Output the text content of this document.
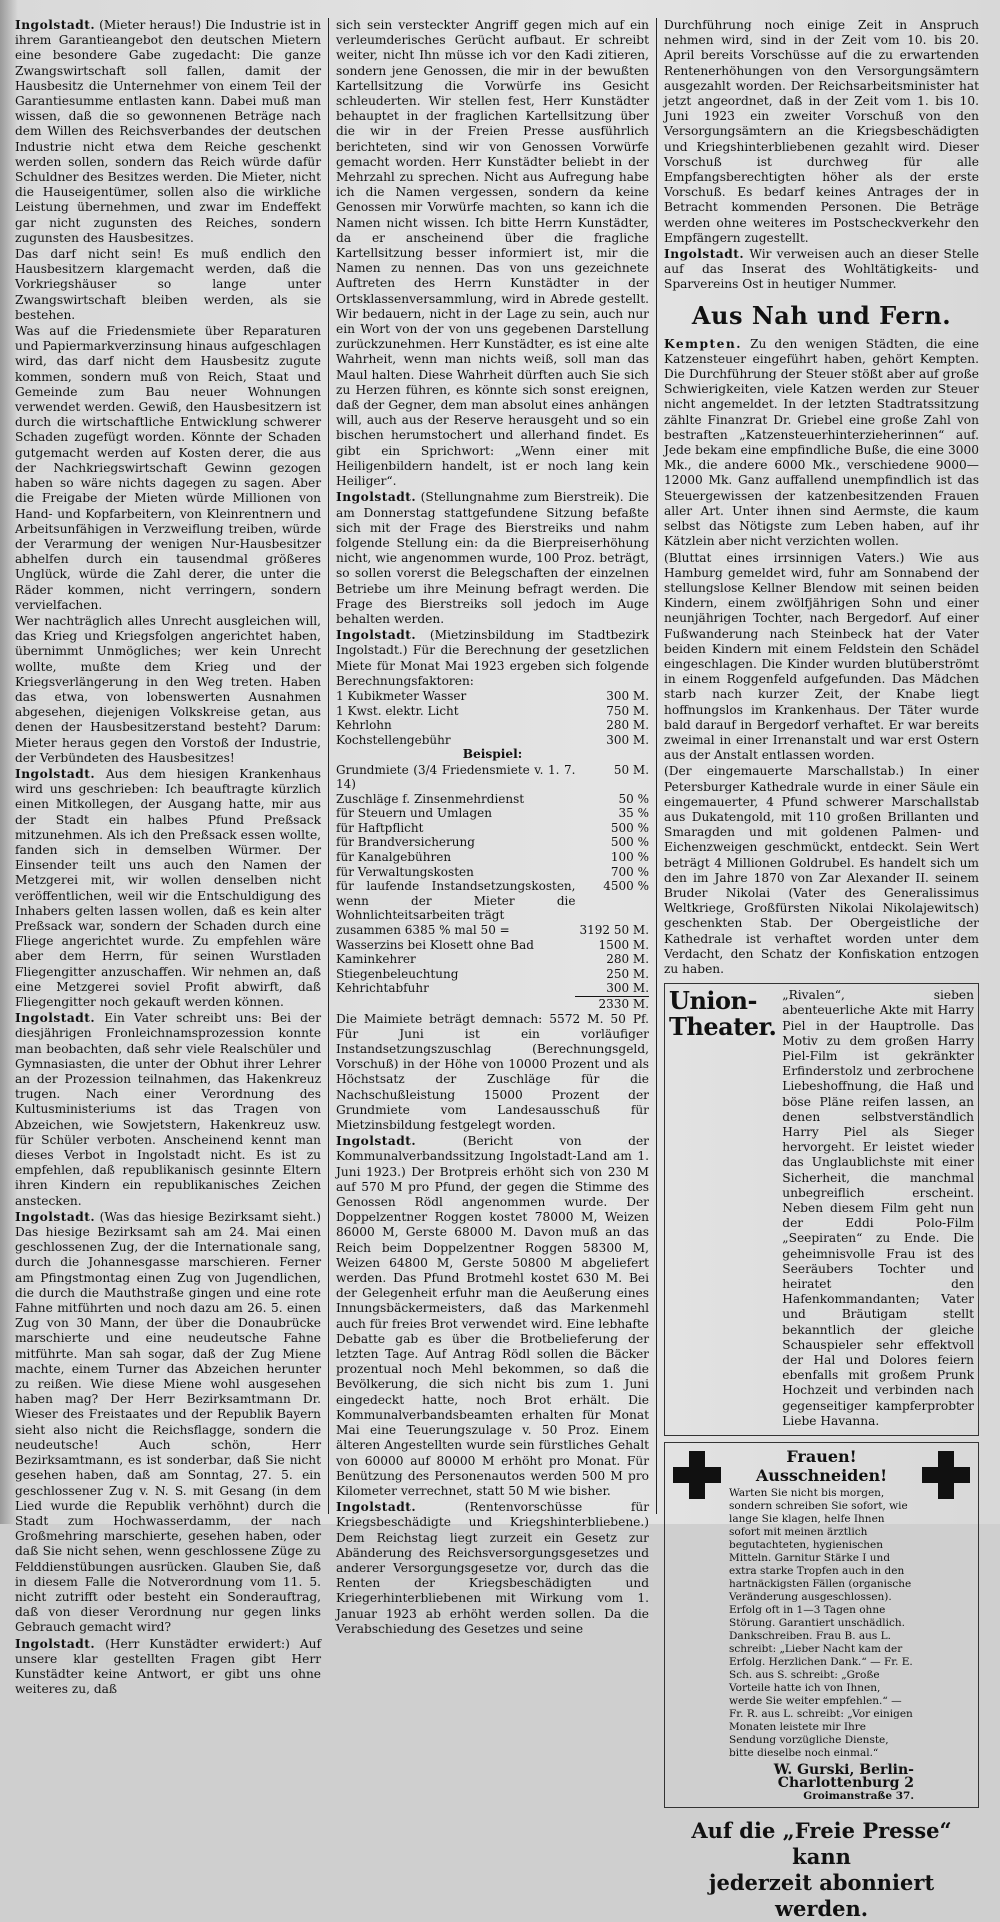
Ingolstadt. (Mieter heraus!) Die Industrie ist in ihrem Garantieangebot den deutschen Mietern eine besondere Gabe zugedacht: Die ganze Zwangswirtschaft soll fallen, damit der Hausbesitz die Unternehmer von einem Teil der Garantiesumme entlasten kann. Dabei muß man wissen, daß die so gewonnenen Beträge nach dem Willen des Reichsverbandes der deutschen Industrie nicht etwa dem Reiche geschenkt werden sollen, sondern das Reich würde dafür Schuldner des Besitzes werden. Die Mieter, nicht die Hauseigentümer, sollen also die wirkliche Leistung übernehmen, und zwar im Endeffekt gar nicht zugunsten des Reiches, sondern zugunsten des Hausbesitzes.

Das darf nicht sein! Es muß endlich den Hausbesitzern klargemacht werden, daß die Vorkriegshäuser so lange unter Zwangswirtschaft bleiben werden, als sie bestehen.

Was auf die Friedensmiete über Reparaturen und Papiermarkverzinsung hinaus aufgeschlagen wird, das darf nicht dem Hausbesitz zugute kommen, sondern muß von Reich, Staat und Gemeinde zum Bau neuer Wohnungen verwendet werden. Gewiß, den Hausbesitzern ist durch die wirtschaftliche Entwicklung schwerer Schaden zugefügt worden. Könnte der Schaden gutgemacht werden auf Kosten derer, die aus der Nachkriegswirtschaft Gewinn gezogen haben so wäre nichts dagegen zu sagen. Aber die Freigabe der Mieten würde Millionen von Hand- und Kopfarbeitern, von Kleinrentnern und Arbeitsunfähigen in Verzweiflung treiben, würde der Verarmung der wenigen Nur-Hausbesitzer abhelfen durch ein tausendmal größeres Unglück, würde die Zahl derer, die unter die Räder kommen, nicht verringern, sondern vervielfachen.

Wer nachträglich alles Unrecht ausgleichen will, das Krieg und Kriegsfolgen angerichtet haben, übernimmt Unmögliches; wer kein Unrecht wollte, mußte dem Krieg und der Kriegsverlängerung in den Weg treten. Haben das etwa, von lobenswerten Ausnahmen abgesehen, diejenigen Volkskreise getan, aus denen der Hausbesitzerstand besteht? Darum: Mieter heraus gegen den Vorstoß der Industrie, der Verbündeten des Hausbesitzes!

Ingolstadt. Aus dem hiesigen Krankenhaus wird uns geschrieben: Ich beauftragte kürzlich einen Mitkollegen, der Ausgang hatte, mir aus der Stadt ein halbes Pfund Preßsack mitzunehmen. Als ich den Preßsack essen wollte, fanden sich in demselben Würmer. Der Einsender teilt uns auch den Namen der Metzgerei mit, wir wollen denselben nicht veröffentlichen, weil wir die Entschuldigung des Inhabers gelten lassen wollen, daß es kein alter Preßsack war, sondern der Schaden durch eine Fliege angerichtet wurde. Zu empfehlen wäre aber dem Herrn, für seinen Wurstladen Fliegengitter anzuschaffen. Wir nehmen an, daß eine Metzgerei soviel Profit abwirft, daß Fliegengitter noch gekauft werden können.

Ingolstadt. Ein Vater schreibt uns: Bei der diesjährigen Fronleichnamsprozession konnte man beobachten, daß sehr viele Realschüler und Gymnasiasten, die unter der Obhut ihrer Lehrer an der Prozession teilnahmen, das Hakenkreuz trugen. Nach einer Verordnung des Kultusministeriums ist das Tragen von Abzeichen, wie Sowjetstern, Hakenkreuz usw. für Schüler verboten. Anscheinend kennt man dieses Verbot in Ingolstadt nicht. Es ist zu empfehlen, daß republikanisch gesinnte Eltern ihren Kindern ein republikanisches Zeichen anstecken.

Ingolstadt. (Was das hiesige Bezirksamt sieht.) Das hiesige Bezirksamt sah am 24. Mai einen geschlossenen Zug, der die Internationale sang, durch die Johannesgasse marschieren. Ferner am Pfingstmontag einen Zug von Jugendlichen, die durch die Mauthstraße gingen und eine rote Fahne mitführten und noch dazu am 26. 5. einen Zug von 30 Mann, der über die Donaubrücke marschierte und eine neudeutsche Fahne mitführte. Man sah sogar, daß der Zug Miene machte, einem Turner das Abzeichen herunter zu reißen. Wie diese Miene wohl ausgesehen haben mag? Der Herr Bezirksamtmann Dr. Wieser des Freistaates und der Republik Bayern sieht also nicht die Reichsflagge, sondern die neudeutsche! Auch schön, Herr Bezirksamtmann, es ist sonderbar, daß Sie nicht gesehen haben, daß am Sonntag, 27. 5. ein geschlossener Zug v. N. S. mit Gesang (in dem Lied wurde die Republik verhöhnt) durch die Stadt zum Hochwasserdamm, der nach Großmehring marschierte, gesehen haben, oder daß Sie nicht sehen, wenn geschlossene Züge zu Felddienstübungen ausrücken. Glauben Sie, daß in diesem Falle die Notverordnung vom 11. 5. nicht zutrifft oder besteht ein Sonderauftrag, daß von dieser Verordnung nur gegen links Gebrauch gemacht wird?

Ingolstadt. (Herr Kunstädter erwidert:) Auf unsere klar gestellten Fragen gibt Herr Kunstädter keine Antwort, er gibt uns ohne weiteres zu, daß

sich sein versteckter Angriff gegen mich auf ein verleumderisches Gerücht aufbaut. Er schreibt weiter, nicht Ihn müsse ich vor den Kadi zitieren, sondern jene Genossen, die mir in der bewußten Kartellsitzung die Vorwürfe ins Gesicht schleuderten. Wir stellen fest, Herr Kunstädter behauptet in der fraglichen Kartellsitzung über die wir in der Freien Presse ausführlich berichteten, sind wir von Genossen Vorwürfe gemacht worden. Herr Kunstädter beliebt in der Mehrzahl zu sprechen. Nicht aus Aufregung habe ich die Namen vergessen, sondern da keine Genossen mir Vorwürfe machten, so kann ich die Namen nicht wissen. Ich bitte Herrn Kunstädter, da er anscheinend über die fragliche Kartellsitzung besser informiert ist, mir die Namen zu nennen. Das von uns gezeichnete Auftreten des Herrn Kunstädter in der Ortsklassenversammlung, wird in Abrede gestellt. Wir bedauern, nicht in der Lage zu sein, auch nur ein Wort von der von uns gegebenen Darstellung zurückzunehmen. Herr Kunstädter, es ist eine alte Wahrheit, wenn man nichts weiß, soll man das Maul halten. Diese Wahrheit dürften auch Sie sich zu Herzen führen, es könnte sich sonst ereignen, daß der Gegner, dem man absolut eines anhängen will, auch aus der Reserve herausgeht und so ein bischen herumstochert und allerhand findet. Es gibt ein Sprichwort: „Wenn einer mit Heiligenbildern handelt, ist er noch lang kein Heiliger“.

Ingolstadt. (Stellungnahme zum Bierstreik). Die am Donnerstag stattgefundene Sitzung befaßte sich mit der Frage des Bierstreiks und nahm folgende Stellung ein: da die Bierpreiserhöhung nicht, wie angenommen wurde, 100 Proz. beträgt, so sollen vorerst die Belegschaften der einzelnen Betriebe um ihre Meinung befragt werden. Die Frage des Bierstreiks soll jedoch im Auge behalten werden.

Ingolstadt. (Mietzinsbildung im Stadtbezirk Ingolstadt.) Für die Berechnung der gesetzlichen Miete für Monat Mai 1923 ergeben sich folgende Berechnungsfaktoren:

1 Kubikmeter Wasser	300 M.
1 Kwst. elektr. Licht	750 M.
Kehrlohn	280 M.
Kochstellengebühr	300 M.
Beispiel:
Grundmiete (3/4 Friedensmiete v. 1. 7. 14)	50 M.
Zuschläge f. Zinsenmehrdienst	50 %
für Steuern und Umlagen	35 %
für Haftpflicht	500 %
für Brandversicherung	500 %
für Kanalgebühren	100 %
für Verwaltungskosten	700 %
für laufende Instandsetzungskosten, wenn der Mieter die Wohnlichteitsarbeiten trägt	4500 %
zusammen 6385 % mal 50 =	3192 50 M.
Wasserzins bei Klosett ohne Bad	1500 M.
Kaminkehrer	280 M.
Stiegenbeleuchtung	250 M.
Kehrichtabfuhr	300 M.
	2330 M.

Die Maimiete beträgt demnach: 5572 M. 50 Pf. Für Juni ist ein vorläufiger Instandsetzungszuschlag (Berechnungsgeld, Vorschuß) in der Höhe von 10000 Prozent und als Höchstsatz der Zuschläge für die Nachschußleistung 15000 Prozent der Grundmiete vom Landesausschuß für Mietzinsbildung festgelegt worden.

Ingolstadt.	(Bericht von der Kommunalverbandssitzung Ingolstadt-Land am 1. Juni 1923.) Der Brotpreis erhöht sich von 230 M auf 570 M pro Pfund, der gegen die Stimme des Genossen Rödl angenommen wurde. Der Doppelzentner Roggen kostet 78000 M, Weizen 86000 M, Gerste 68000 M. Davon muß an das Reich beim Doppelzentner Roggen 58300 M, Weizen 64800 M, Gerste 50800 M abgeliefert werden. Das Pfund Brotmehl kostet 630 M. Bei der Gelegenheit erfuhr man die Aeußerung eines Innungsbäckermeisters, daß das Markenmehl auch für freies Brot verwendet wird. Eine lebhafte Debatte gab es über die Brotbelieferung der letzten Tage. Auf Antrag Rödl sollen die Bäcker prozentual noch Mehl bekommen, so daß die Bevölkerung, die sich nicht bis zum 1. Juni eingedeckt hatte, noch Brot erhält. Die Kommunalverbandsbeamten erhalten für Monat Mai eine Teuerungszulage v. 50 Proz. Einem älteren Angestellten wurde sein fürstliches Gehalt von 60000 auf 80000 M erhöht pro Monat. Für Benützung des Personenautos werden 500 M pro Kilometer verrechnet, statt 50 M wie bisher.

Ingolstadt.	(Rentenvorschüsse für Kriegsbeschädigte und Kriegshinterbliebene.) Dem Reichstag liegt zurzeit ein Gesetz zur Abänderung des Reichsversorgungsgesetzes und anderer Versorgungsgesetze vor, durch das die Renten der Kriegsbeschädigten und Kriegerhinterbliebenen mit Wirkung vom 1. Januar 1923 ab erhöht werden sollen. Da die Verabschiedung des Gesetzes und seine

Durchführung noch einige Zeit in Anspruch nehmen wird, sind in der Zeit vom 10. bis 20. April bereits Vorschüsse auf die zu erwartenden Rentenerhöhungen von den Versorgungsämtern ausgezahlt worden. Der Reichsarbeitsminister hat jetzt angeordnet, daß in der Zeit vom 1. bis 10. Juni 1923 ein zweiter Vorschuß von den Versorgungsämtern an die Kriegsbeschädigten und Kriegshinterbliebenen gezahlt wird. Dieser Vorschuß ist durchweg für alle Empfangsberechtigten höher als der erste Vorschuß. Es bedarf keines Antrages der in Betracht kommenden Personen. Die Beträge werden ohne weiteres im Postscheckverkehr den Empfängern zugestellt.

Ingolstadt. Wir verweisen auch an dieser Stelle auf das Inserat des Wohltätigkeits- und Sparvereins Ost in heutiger Nummer.

Aus Nah und Fern.

Kempten. Zu den wenigen Städten, die eine Katzensteuer eingeführt haben, gehört Kempten. Die Durchführung der Steuer stößt aber auf große Schwierigkeiten, viele Katzen werden zur Steuer nicht angemeldet. In der letzten Stadtratssitzung zählte Finanzrat Dr. Griebel eine große Zahl von bestraften „Katzensteuerhinterzieherinnen“ auf. Jede bekam eine empfindliche Buße, die eine 3000 Mk., die andere 6000 Mk., verschiedene 9000—12000 Mk. Ganz auffallend unempfindlich ist das Steuergewissen der katzenbesitzenden Frauen aller Art. Unter ihnen sind Aermste, die kaum selbst das Nötigste zum Leben haben, auf ihr Kätzlein aber nicht verzichten wollen.

(Bluttat eines irrsinnigen Vaters.) Wie aus Hamburg gemeldet wird, fuhr am Sonnabend der stellungslose Kellner Blendow mit seinen beiden Kindern, einem zwölfjährigen Sohn und einer neunjährigen Tochter, nach Bergedorf. Auf einer Fußwanderung nach Steinbeck hat der Vater beiden Kindern mit einem Feldstein den Schädel eingeschlagen. Die Kinder wurden blutüberströmt in einem Roggenfeld aufgefunden. Das Mädchen starb nach kurzer Zeit, der Knabe liegt hoffnungslos im Krankenhaus. Der Täter wurde bald darauf in Bergedorf verhaftet. Er war bereits zweimal in einer Irrenanstalt und war erst Ostern aus der Anstalt entlassen worden.

(Der eingemauerte Marschallstab.) In einer Petersburger Kathedrale wurde in einer Säule ein eingemauerter, 4 Pfund schwerer Marschallstab aus Dukatengold, mit 110 großen Brillanten und Smaragden und mit goldenen Palmen- und Eichenzweigen geschmückt, entdeckt. Sein Wert beträgt 4 Millionen Goldrubel. Es handelt sich um den im Jahre 1870 von Zar Alexander II. seinem Bruder Nikolai (Vater des Generalissimus Weltkriege, Großfürsten Nikolai Nikolajewitsch) geschenkten Stab. Der Obergeistliche der Kathedrale ist verhaftet worden unter dem Verdacht, den Schatz der Konfiskation entzogen zu haben.

Union-Theater.
„Rivalen“, sieben abenteuerliche Akte mit Harry Piel in der Hauptrolle. Das Motiv zu dem großen Harry Piel-Film ist gekränkter Erfinderstolz und zerbrochene Liebeshoffnung, die Haß und böse Pläne reifen lassen, an denen selbstverständlich Harry Piel als Sieger hervorgeht. Er leistet wieder das Unglaublichste mit einer Sicherheit, die manchmal unbegreiflich erscheint. Neben diesem Film geht nun der Eddi Polo-Film „Seepiraten“ zu Ende. Die geheimnisvolle Frau ist des Seeräubers Tochter und heiratet den Hafenkommandanten; Vater und Bräutigam stellt bekanntlich der gleiche Schauspieler sehr effektvoll der Hal und Dolores feiern ebenfalls mit großem Prunk Hochzeit und verbinden nach gegenseitiger kampferprobter Liebe Havanna.
Frauen! Ausschneiden!
Warten Sie nicht bis morgen, sondern schreiben Sie sofort, wie lange Sie klagen, helfe Ihnen sofort mit meinen ärztlich begutachteten, hygienischen Mitteln. Garnitur Stärke I und extra starke Tropfen auch in den hartnäckigsten Fällen (organische Veränderung ausgeschlossen). Erfolg oft in 1—3 Tagen ohne Störung. Garantiert unschädlich. Dankschreiben. Frau B. aus L. schreibt: „Lieber Nacht kam der Erfolg. Herzlichen Dank.“ — Fr. E. Sch. aus S. schreibt: „Große Vorteile hatte ich von Ihnen, werde Sie weiter empfehlen.“ — Fr. R. aus L. schreibt: „Vor einigen Monaten leistete mir Ihre Sendung vorzügliche Dienste, bitte dieselbe noch einmal.“
W. Gurski, Berlin-Charlottenburg 2
Groimanstraße 37.
Auf die „Freie Presse“ kann
jederzeit abonniert werden.
